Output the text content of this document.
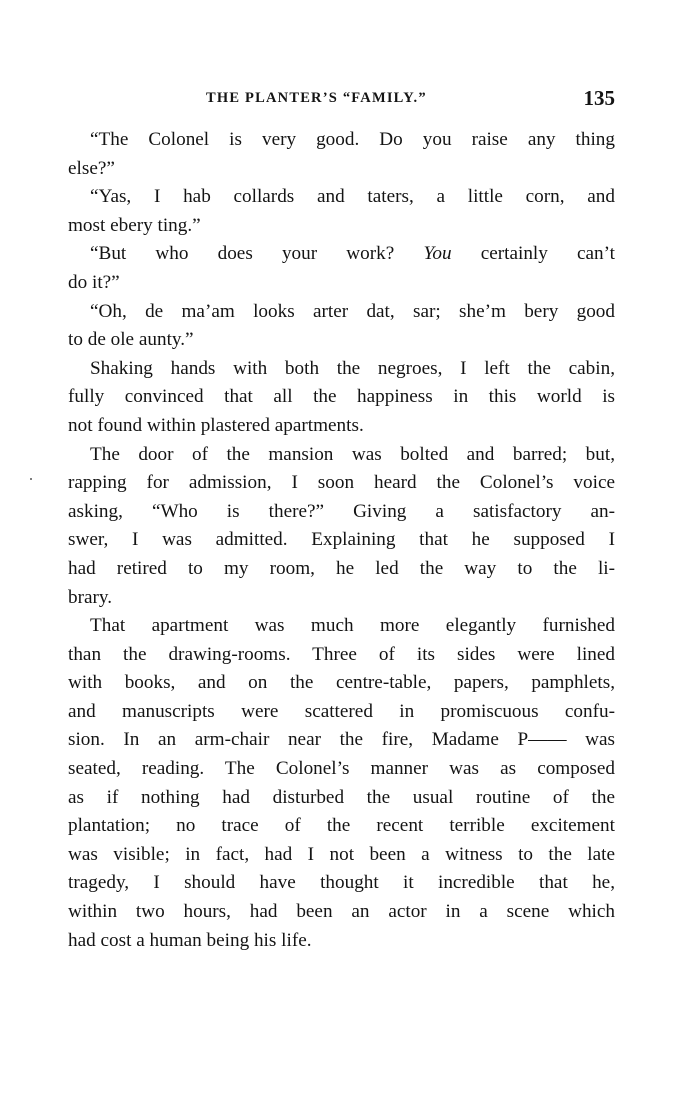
THE PLANTER’S “FAMILY.”	135
“The Colonel is very good. Do you raise any thing
else?”
“Yas, I hab collards and taters, a little corn, and
most ebery ting.”
“But who does your work? You certainly can’t
do it?”
“Oh, de ma’am looks arter dat, sar; she’m bery good
to de ole aunty.”
Shaking hands with both the negroes, I left the cabin,
fully convinced that all the happiness in this world is
not found within plastered apartments.
The door of the mansion was bolted and barred; but,
rapping for admission, I soon heard the Colonel’s voice
asking, “Who is there?” Giving a satisfactory an-
swer, I was admitted. Explaining that he supposed I
had retired to my room, he led the way to the li-
brary.
That apartment was much more elegantly furnished
than the drawing-rooms. Three of its sides were lined
with books, and on the centre-table, papers, pamphlets,
and manuscripts were scattered in promiscuous confu-
sion. In an arm-chair near the fire, Madame P—— was
seated, reading. The Colonel’s manner was as composed
as if nothing had disturbed the usual routine of the
plantation; no trace of the recent terrible excitement
was visible; in fact, had I not been a witness to the late
tragedy, I should have thought it incredible that he,
within two hours, had been an actor in a scene which
had cost a human being his life.
